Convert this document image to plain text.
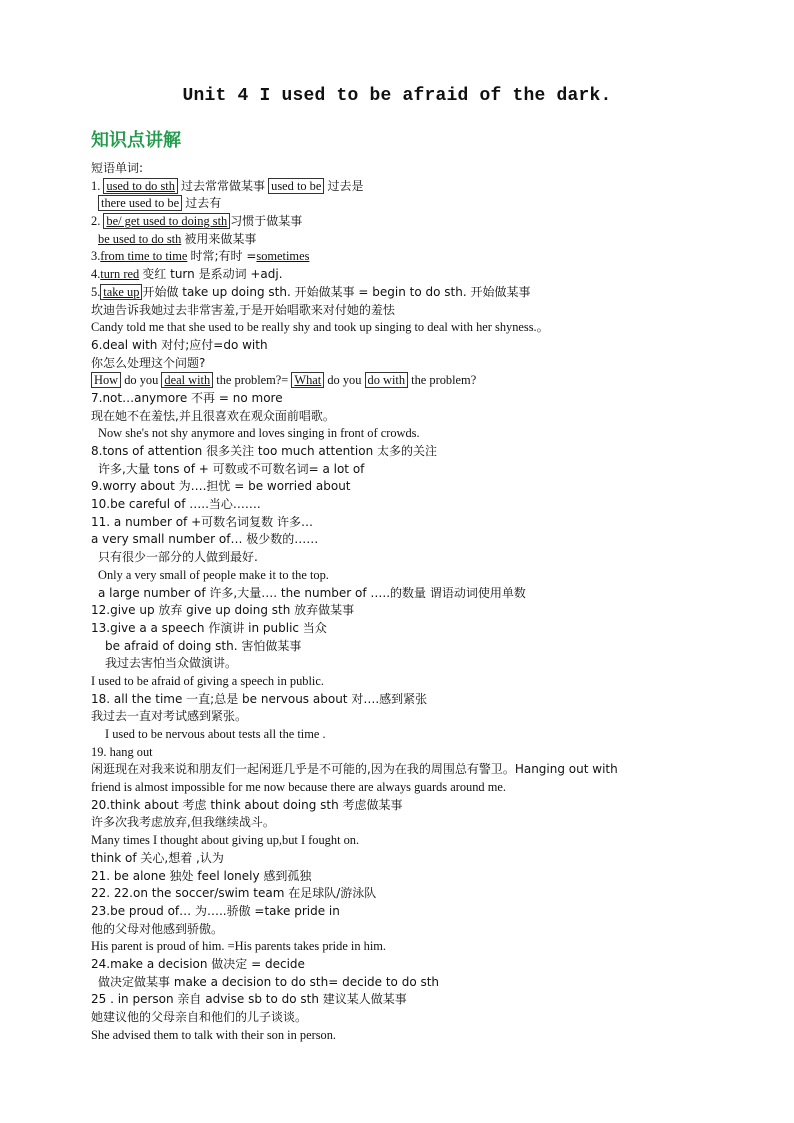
Unit 4 I used to be afraid of the dark.
知识点讲解
短语单词:
1. used to do sth 过去常常做某事 used to be 过去是
there used to be 过去有
2. be/ get used to doing sth 习惯于做某事
be used to do sth 被用来做某事
3.from time to time 时常;有时 =sometimes
4.turn red 变红 turn 是系动词 +adj.
5. take up 开始做 take up doing sth. 开始做某事 = begin to do sth. 开始做某事
坎迪告诉我她过去非常害羞,于是开始唱歌来对付她的羞怯
Candy told me that she used to be really shy and took up singing to deal with her shyness.。
6.deal with 对付;应付=do with
你怎么处理这个问题?
How do you deal with the problem?= What do you do with the problem?
7.not…anymore 不再 = no more
现在她不在羞怯,并且很喜欢在观众面前唱歌。
Now she's not shy anymore and loves singing in front of crowds.
8.tons of attention 很多关注 too much attention 太多的关注
许多,大量 tons of + 可数或不可数名词= a lot of
9.worry about 为….担忧 = be worried about
10.be careful of …..当心…….
11. a number of +可数名词复数 许多…
a very small number of… 极少数的……
只有很少一部分的人做到最好.
Only a very small of people make it to the top.
a large number of 许多,大量…. the number of …..的数量 谓语动词使用单数
12.give up 放弃 give up doing sth 放弃做某事
13.give a a speech 作演讲 in public 当众
be afraid of doing sth. 害怕做某事
我过去害怕当众做演讲。
I used to be afraid of giving a speech in public.
18. all the time 一直;总是 be nervous about 对….感到紧张
我过去一直对考试感到紧张。
I used to be nervous about tests all the time .
19. hang out
闲逛现在对我来说和朋友们一起闲逛几乎是不可能的,因为在我的周围总有警卫。Hanging out with
friend is almost impossible for me now because there are always guards around me.
20.think about 考虑 think about doing sth 考虑做某事
许多次我考虑放弃,但我继续战斗。
Many times I thought about giving up,but I fought on.
think of 关心,想着 ,认为
21. be alone 独处 feel lonely 感到孤独
22. 22.on the soccer/swim team 在足球队/游泳队
23.be proud of… 为…..骄傲 =take pride in
他的父母对他感到骄傲。
His parent is proud of him. =His parents takes pride in him.
24.make a decision 做决定 = decide
做决定做某事 make a decision to do sth= decide to do sth
25 . in person 亲自 advise sb to do sth 建议某人做某事
她建议他的父母亲自和他们的儿子谈谈。
She advised them to talk with their son in person.
